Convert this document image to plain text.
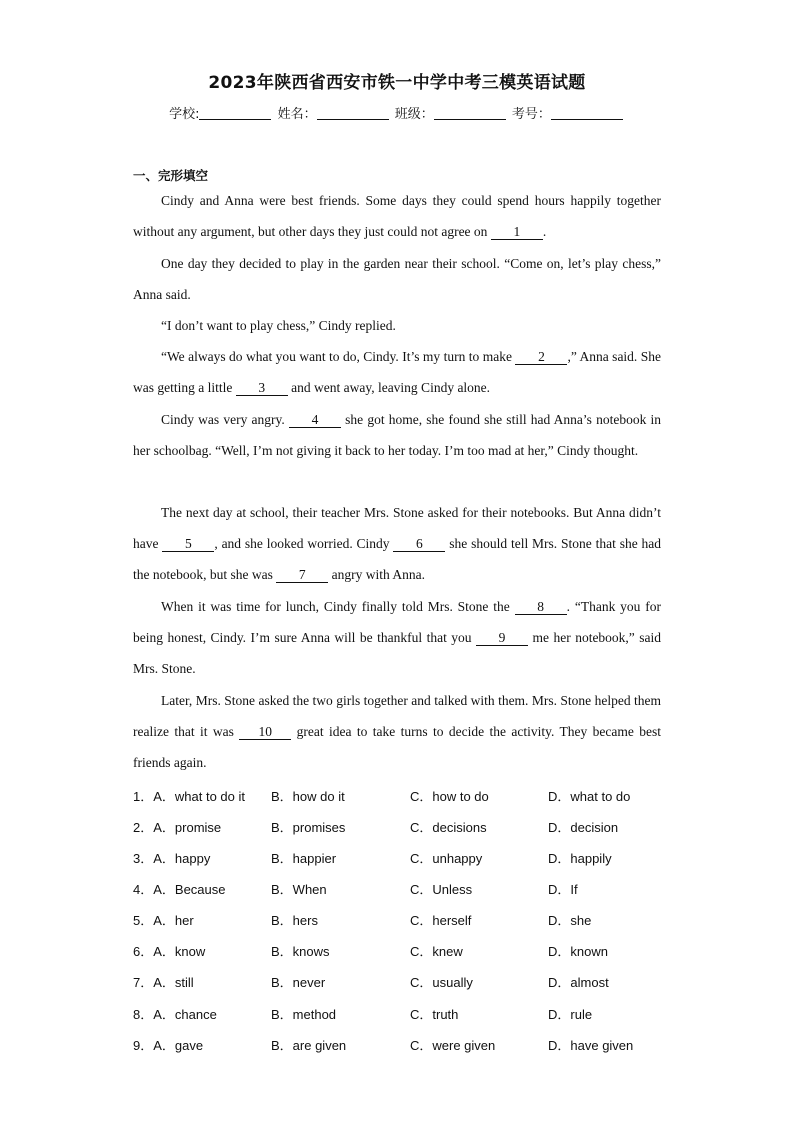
2023年陕西省西安市铁一中学中考三模英语试题
学校:	姓名：	班级：	考号：
一、完形填空

Cindy and Anna were best friends. Some days they could spend hours happily together without any argument, but other days they just could not agree on 1 .

One day they decided to play in the garden near their school. “Come on, let’s play chess,” Anna said.

“I don’t want to play chess,” Cindy replied.

“We always do what you want to do, Cindy. It’s my turn to make 2 ,” Anna said. She was getting a little 3 and went away, leaving Cindy alone.

Cindy was very angry. 4 she got home, she found she still had Anna’s notebook in her schoolbag. “Well, I’m not giving it back to her today. I’m too mad at her,” Cindy thought.

The next day at school, their teacher Mrs. Stone asked for their notebooks. But Anna didn’t have 5 , and she looked worried. Cindy 6 she should tell Mrs. Stone that she had the notebook, but she was 7 angry with Anna.

When it was time for lunch, Cindy finally told Mrs. Stone the 8 . “Thank you for being honest, Cindy. I’m sure Anna will be thankful that you 9 me her notebook,” said Mrs. Stone.

Later, Mrs. Stone asked the two girls together and talked with them. Mrs. Stone helped them realize that it was 10 great idea to take turns to decide the activity. They became best friends again.

1．A．what to do it B．how do it	C．how to do	D．what to do
2．A．promise	B．promises	C．decisions	D．decision
3．A．happy	B．happier	C．unhappy	D．happily
4．A．Because	B．When	C．Unless	D．If
5．A．her	B．hers	C．herself	D．she
6．A．know	B．knows	C．knew	D．known
7．A．still	B．never	C．usually	D．almost
8．A．chance	B．method	C．truth	D．rule
9．A．gave	B．are given	C．were given	D．have given
